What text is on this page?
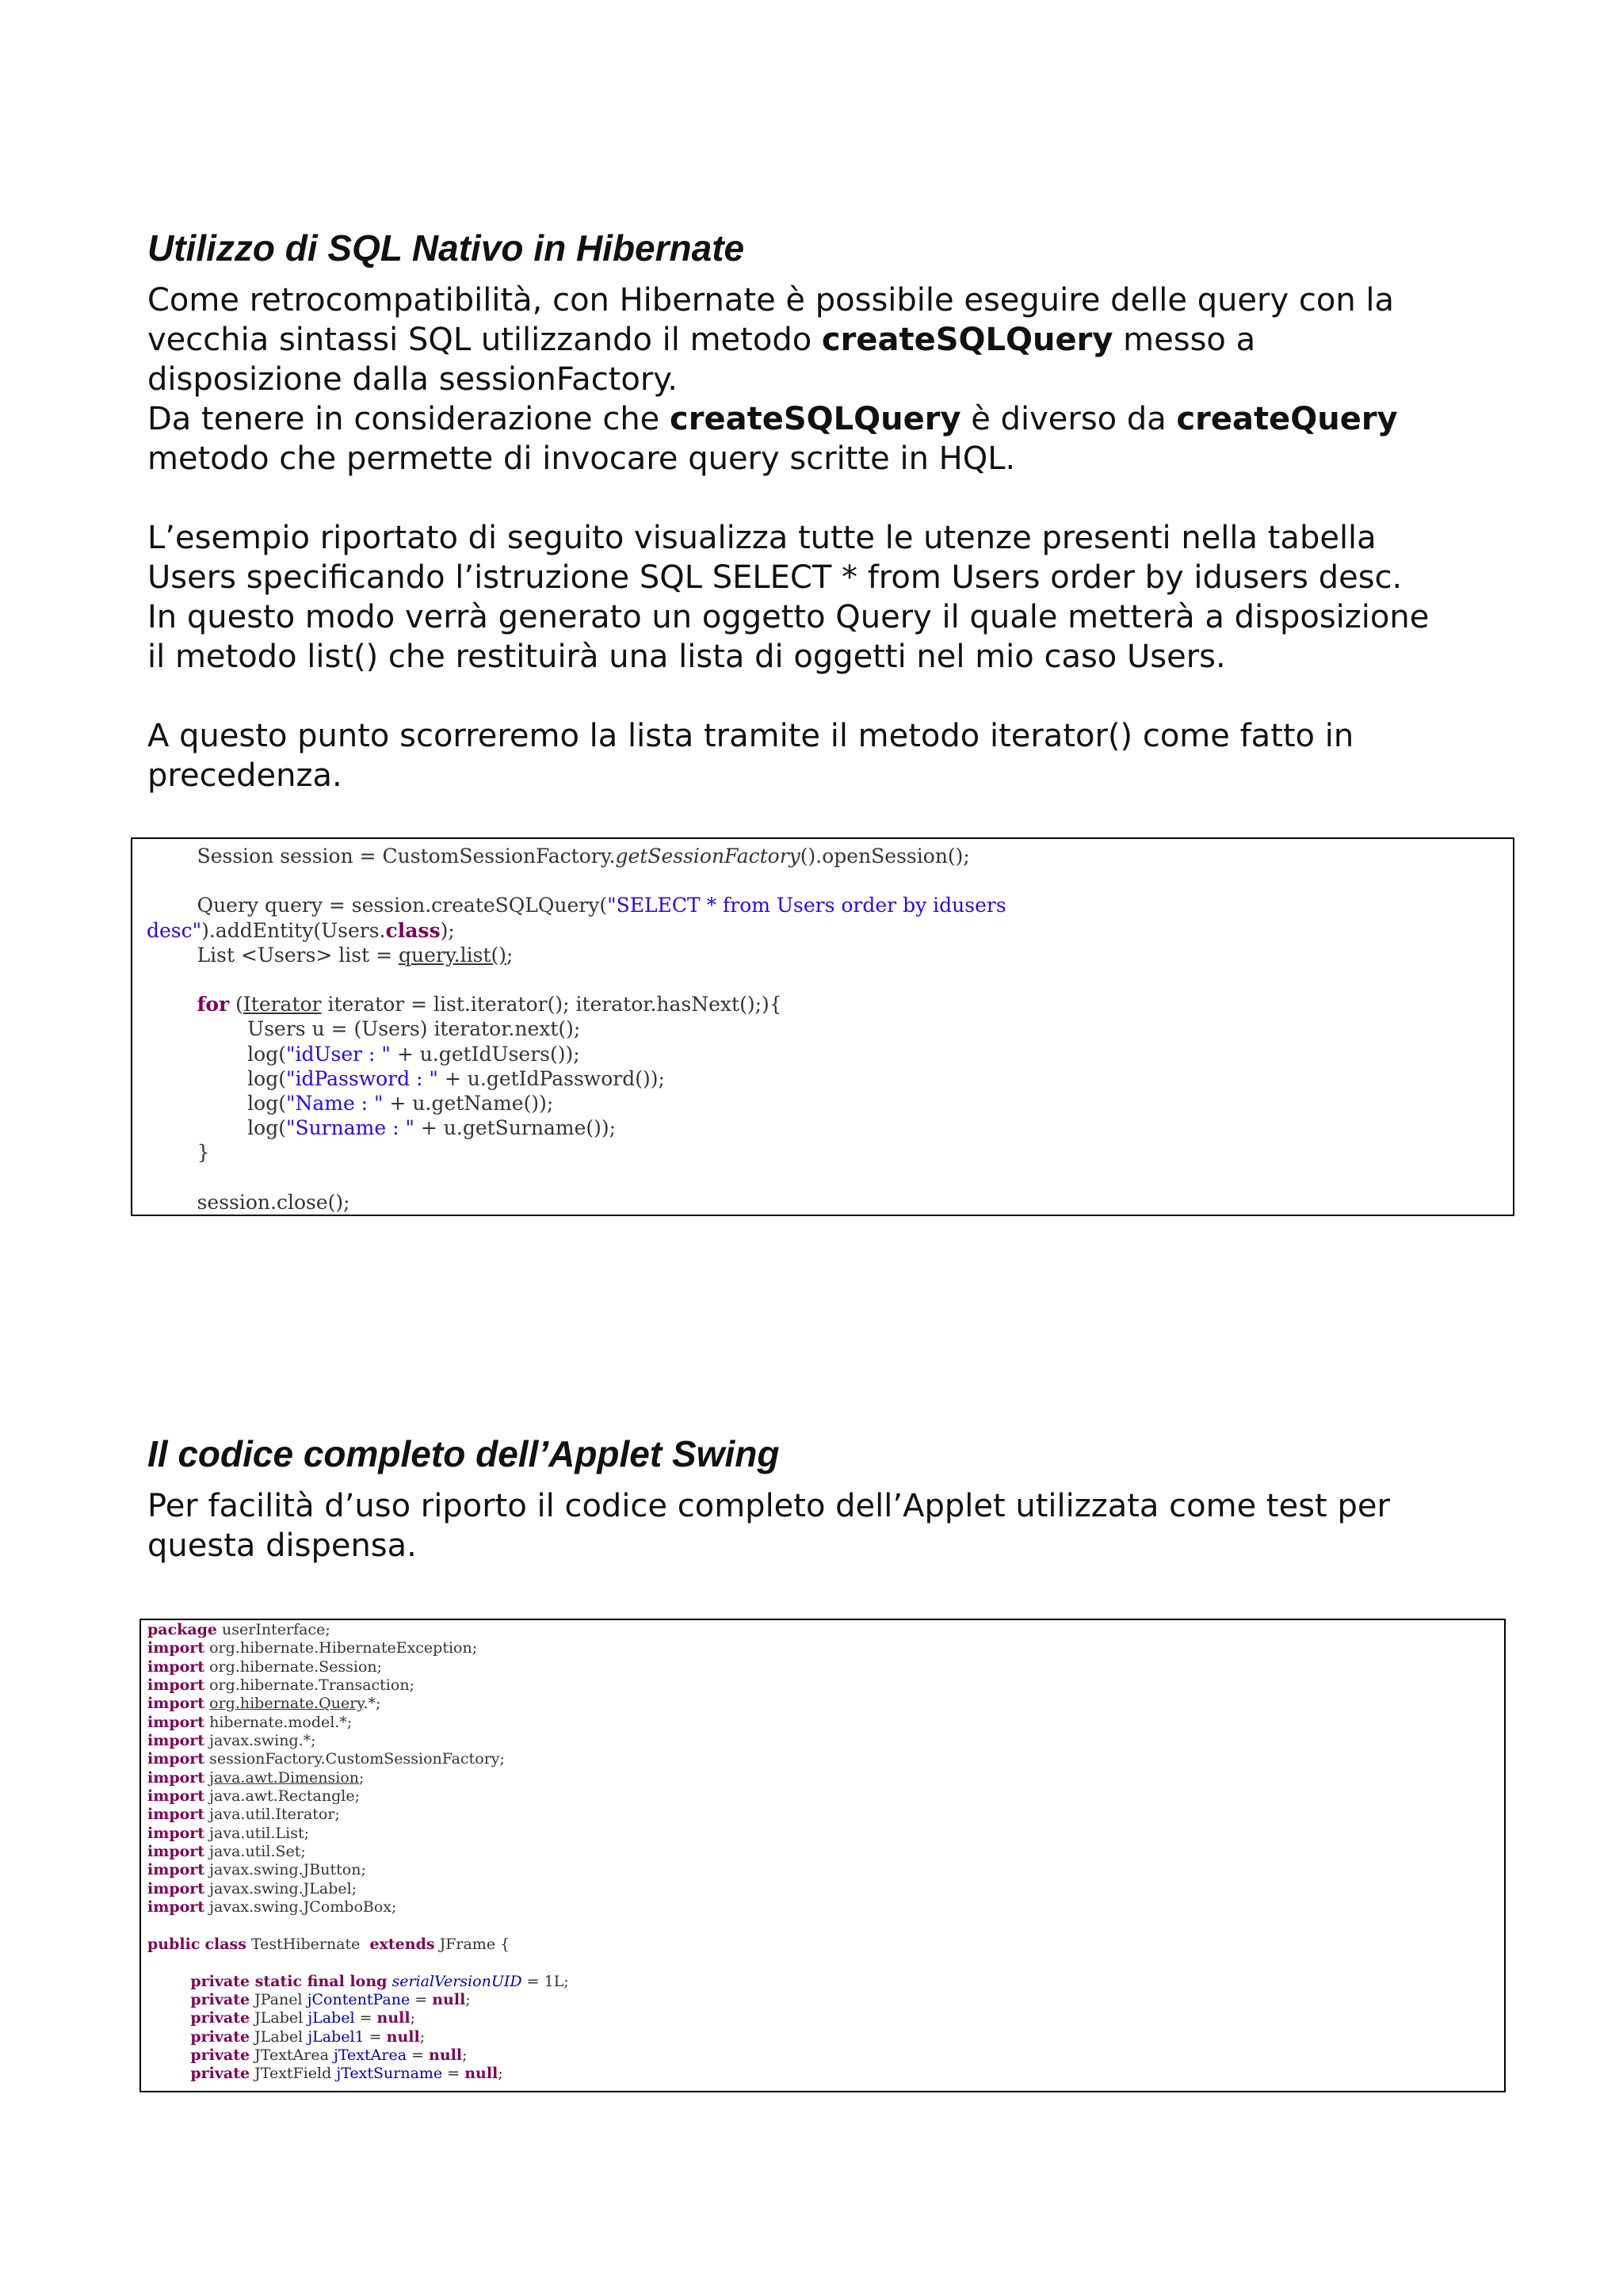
Utilizzo di SQL Nativo in Hibernate

Come retrocompatibilità, con Hibernate è possibile eseguire delle query con la

vecchia sintassi SQL utilizzando il metodo createSQLQuery messo a

disposizione dalla sessionFactory.

Da tenere in considerazione che createSQLQuery è diverso da createQuery

metodo che permette di invocare query scritte in HQL.

L’esempio riportato di seguito visualizza tutte le utenze presenti nella tabella

Users specificando l’istruzione SQL SELECT * from Users order by idusers desc.

In questo modo verrà generato un oggetto Query il quale metterà a disposizione

il metodo list() che restituirà una lista di oggetti nel mio caso Users.

A questo punto scorreremo la lista tramite il metodo iterator() come fatto in

precedenza.

Session session = CustomSessionFactory.getSessionFactory().openSession();

Query query = session.createSQLQuery("SELECT * from Users order by idusers
desc").addEntity(Users.class);
List <Users> list = query.list();

for (Iterator iterator = list.iterator(); iterator.hasNext();){
Users u = (Users) iterator.next();
log("idUser : " + u.getIdUsers());
log("idPassword : " + u.getIdPassword());
log("Name : " + u.getName());
log("Surname : " + u.getSurname());
}

session.close();
Il codice completo dell’Applet Swing

Per facilità d’uso riporto il codice completo dell’Applet utilizzata come test per

questa dispensa.

package userInterface;
import org.hibernate.HibernateException;
import org.hibernate.Session;
import org.hibernate.Transaction;
import org.hibernate.Query.*;
import hibernate.model.*;
import javax.swing.*;
import sessionFactory.CustomSessionFactory;
import java.awt.Dimension;
import java.awt.Rectangle;
import java.util.Iterator;
import java.util.List;
import java.util.Set;
import javax.swing.JButton;
import javax.swing.JLabel;
import javax.swing.JComboBox;

public class TestHibernate  extends JFrame {

private static final long serialVersionUID = 1L;
private JPanel jContentPane = null;
private JLabel jLabel = null;
private JLabel jLabel1 = null;
private JTextArea jTextArea = null;
private JTextField jTextSurname = null;
